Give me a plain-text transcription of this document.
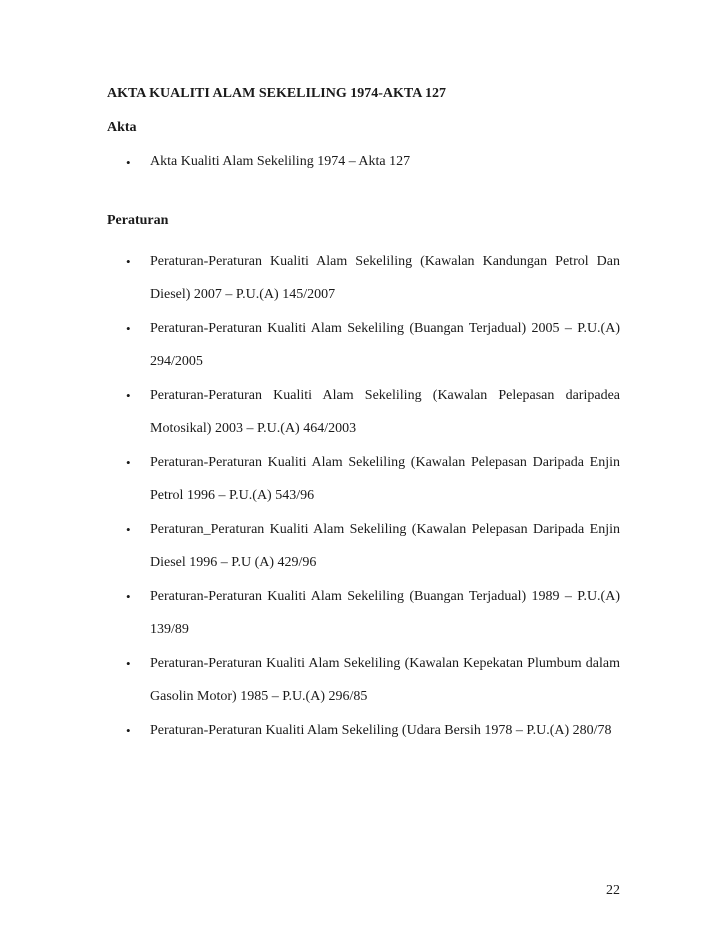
AKTA KUALITI ALAM SEKELILING 1974-AKTA 127
Akta
• Akta Kualiti Alam Sekeliling 1974 – Akta 127
Peraturan
• Peraturan-Peraturan Kualiti Alam Sekeliling (Kawalan Kandungan Petrol Dan Diesel) 2007 – P.U.(A) 145/2007
• Peraturan-Peraturan Kualiti Alam Sekeliling (Buangan Terjadual) 2005 – P.U.(A) 294/2005
• Peraturan-Peraturan Kualiti Alam Sekeliling (Kawalan Pelepasan daripadea Motosikal) 2003 – P.U.(A) 464/2003
• Peraturan-Peraturan Kualiti Alam Sekeliling (Kawalan Pelepasan Daripada Enjin Petrol 1996 – P.U.(A) 543/96
• Peraturan_Peraturan Kualiti Alam Sekeliling (Kawalan Pelepasan Daripada Enjin Diesel 1996 – P.U (A) 429/96
• Peraturan-Peraturan Kualiti Alam Sekeliling (Buangan Terjadual) 1989 – P.U.(A) 139/89
• Peraturan-Peraturan Kualiti Alam Sekeliling (Kawalan Kepekatan Plumbum dalam Gasolin Motor) 1985 – P.U.(A) 296/85
• Peraturan-Peraturan Kualiti Alam Sekeliling (Udara Bersih 1978 – P.U.(A) 280/78
22
